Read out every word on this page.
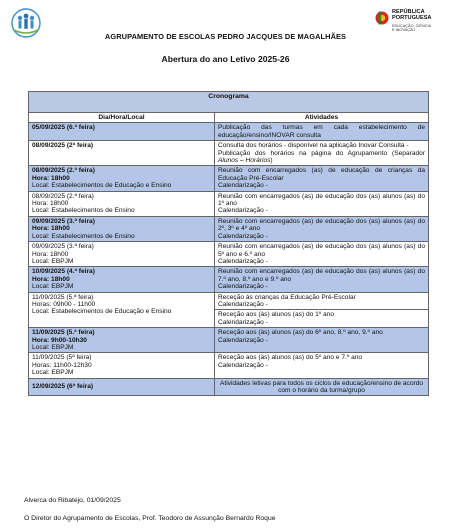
REPÚBLICA
PORTUGUESA
EDUCAÇÃO, CIÊNCIA
E INOVAÇÃO
AGRUPAMENTO DE ESCOLAS PEDRO JACQUES DE MAGALHÃES
Abertura do ano Letivo 2025-26
Cronograma	
Dia/Hora/Local	Atividades
05/09/2025 (6.ª feira)	Publicação das turmas em cada estabelecimento de educação/ensino/INOVAR consulta
08/09/2025 (2ª feira)	Consulta dos horários - disponível na aplicação Inovar Consulta -
Publicação dos horários na página do Agrupamento (Separador Alunos – Horários)

08/09/2025 (2.ª feira)
Hora: 18h00
Local: Estabelecimentos de Educação e Ensino	Reunião com encarregados (as) de educação de crianças da Educação Pré-Escolar
Calendarização -

08/09/2025 (2.ª feira)
Hora: 18h00
Local: Estabelecimentos de Ensino	Reunião com encarregados (as) de educação dos (as) alunos (as) do 1º ano
Calendarização -

09/09/2025 (3.ª feira)
Hora: 18h00
Local: Estabelecimentos de Ensino	Reunião com encarregados (as) de educação dos (as) alunos (as) do 2º, 3º e 4º ano
Calendarização -

09/09/2025 (3.ª feira)
Hora: 18h00
Local: EBPJM	Reunião com encarregados (as) de educação dos (as) alunos (as) do 5º ano e 6.º ano
Calendarização -

10/09/2025 (4.ª feira)
Hora: 18h00
Local: EBPJM	Reunião com encarregados (as) de educação dos (as) alunos (as) do 7.º ano, 8.º ano e 9.º ano
Calendarização -

11/09/2025 (5.ª feira)
Horas: 09h00 - 11h00
Local: Estabelecimentos de Educação e Ensino	Receção às crianças da Educação Pré-Escolar
Calendarização -
Receção aos (às) alunos (as) do 1º ano
Calendarização -

11/09/2025 (5.ª feira)
Hora: 9h00-10h30
Local: EBPJM	Receção aos (às) alunos (as) do 6º ano, 8.º ano, 9.º ano
Calendarização -

11/09/2025 (5ª feira)
Horas: 11h00-12h30
Local: EBPJM	Receção aos (às) alunos (as) do 5º ano e 7.º ano
Calendarização -

12/09/2025 (6ª feira)	Atividades letivas para todos os ciclos de educação/ensino de acordo com o horário da turma/grupo
Alverca do Ribatejo, 01/09/2025
O Diretor do Agrupamento de Escolas, Prof. Teodoro de Assunção Bernardo Roque
